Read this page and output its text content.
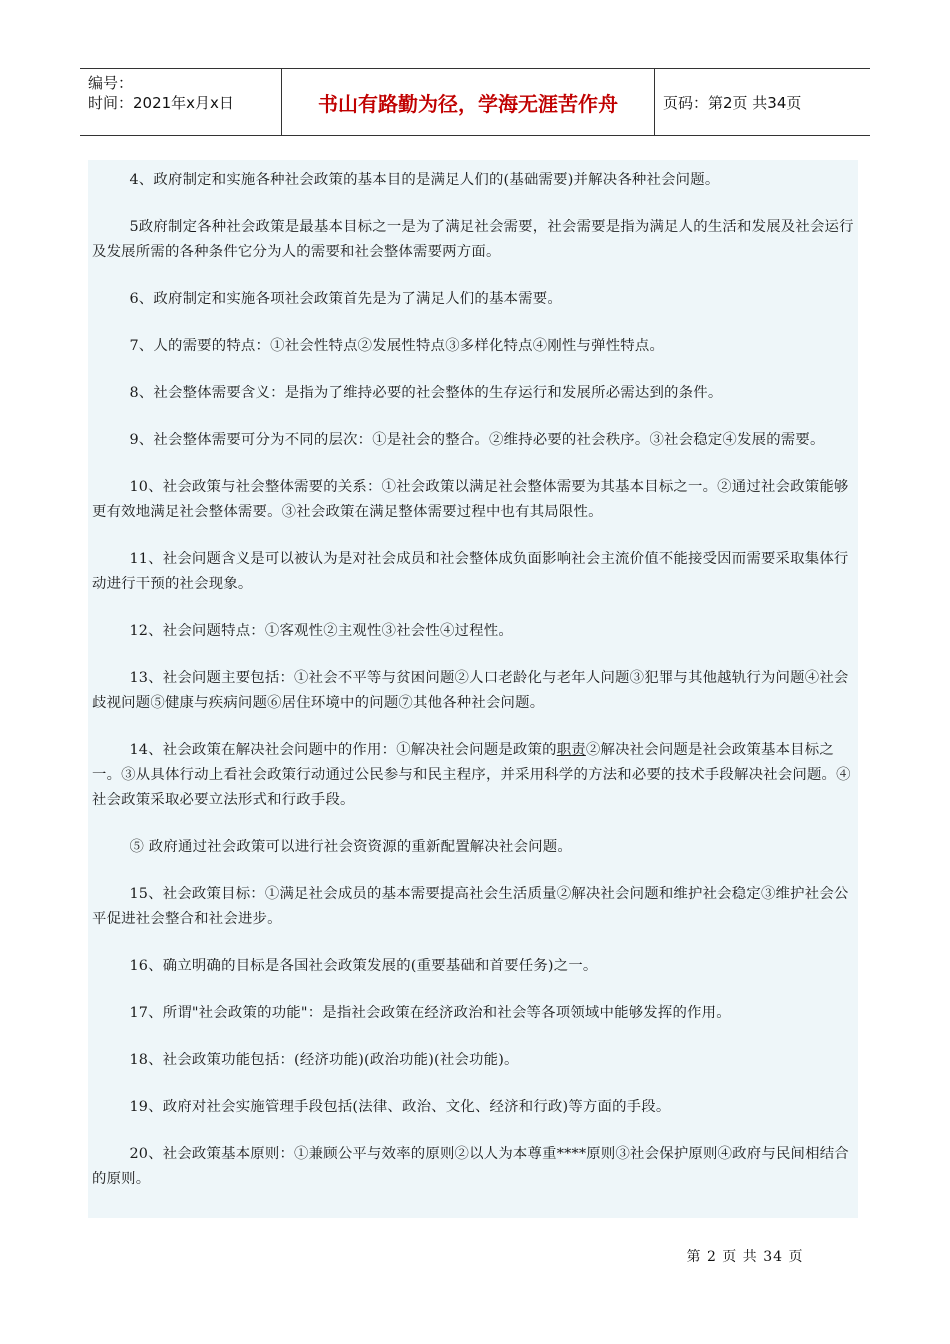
编号：
时间：2021年x月x日	书山有路勤为径，学海无涯苦作舟	页码：第2页 共34页

4、政府制定和实施各种社会政策的基本目的是满足人们的(基础需要)并解决各种社会问题。

5政府制定各种社会政策是最基本目标之一是为了满足社会需要，社会需要是指为满足人的生活和发展及社会运行及发展所需的各种条件它分为人的需要和社会整体需要两方面。

6、政府制定和实施各项社会政策首先是为了满足人们的基本需要。

7、人的需要的特点：①社会性特点②发展性特点③多样化特点④刚性与弹性特点。

8、社会整体需要含义：是指为了维持必要的社会整体的生存运行和发展所必需达到的条件。

9、社会整体需要可分为不同的层次：①是社会的整合。②维持必要的社会秩序。③社会稳定④发展的需要。

10、社会政策与社会整体需要的关系：①社会政策以满足社会整体需要为其基本目标之一。②通过社会政策能够更有效地满足社会整体需要。③社会政策在满足整体需要过程中也有其局限性。

11、社会问题含义是可以被认为是对社会成员和社会整体成负面影响社会主流价值不能接受因而需要采取集体行动进行干预的社会现象。

12、社会问题特点：①客观性②主观性③社会性④过程性。

13、社会问题主要包括：①社会不平等与贫困问题②人口老龄化与老年人问题③犯罪与其他越轨行为问题④社会歧视问题⑤健康与疾病问题⑥居住环境中的问题⑦其他各种社会问题。

14、社会政策在解决社会问题中的作用：①解决社会问题是政策的职责②解决社会问题是社会政策基本目标之一。③从具体行动上看社会政策行动通过公民参与和民主程序，并采用科学的方法和必要的技术手段解决社会问题。④社会政策采取必要立法形式和行政手段。

⑤ 政府通过社会政策可以进行社会资资源的重新配置解决社会问题。

15、社会政策目标：①满足社会成员的基本需要提高社会生活质量②解决社会问题和维护社会稳定③维护社会公平促进社会整合和社会进步。

16、确立明确的目标是各国社会政策发展的(重要基础和首要任务)之一。

17、所谓"社会政策的功能"：是指社会政策在经济政治和社会等各项领域中能够发挥的作用。

18、社会政策功能包括：(经济功能)(政治功能)(社会功能)。

19、政府对社会实施管理手段包括(法律、政治、文化、经济和行政)等方面的手段。

20、社会政策基本原则：①兼顾公平与效率的原则②以人为本尊重****原则③社会保护原则④政府与民间相结合的原则。

第 2 页 共 34 页
